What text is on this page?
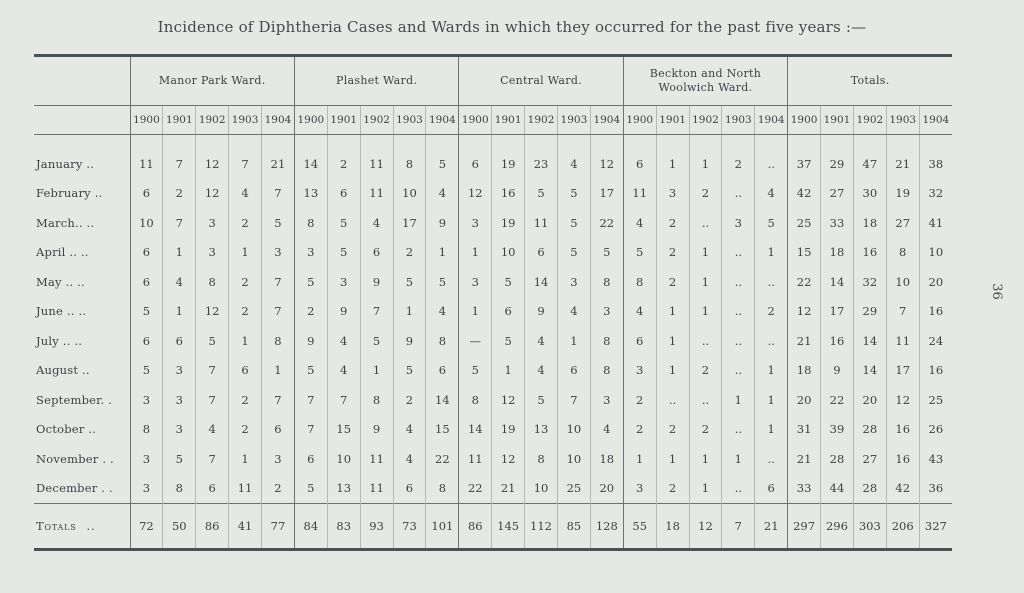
Incidence of Diphtheria Cases and Wards in which they occurred for the past five years :—

	Manor Park Ward.					Plashet Ward.					Central Ward.					Beckton and North
Woolwich Ward.					Totals.				

	1900	1901	1902	1903	1904	1900	1901	1902	1903	1904	1900	1901	1902	1903	1904	1900	1901	1902	1903	1904	1900	1901	1902	1903	1904

January ..	11	7	12	7	21	14	2	11	8	5	6	19	23	4	12	6	1	1	2	..	37	29	47	21	38
February ..	6	2	12	4	7	13	6	11	10	4	12	16	5	5	17	11	3	2	..	4	42	27	30	19	32
March.. ..	10	7	3	2	5	8	5	4	17	9	3	19	11	5	22	4	2	..	3	5	25	33	18	27	41
April .. ..	6	1	3	1	3	3	5	6	2	1	1	10	6	5	5	5	2	1	..	1	15	18	16	8	10
May .. ..	6	4	8	2	7	5	3	9	5	5	3	5	14	3	8	8	2	1	..	..	22	14	32	10	20
June .. ..	5	1	12	2	7	2	9	7	1	4	1	6	9	4	3	4	1	1	..	2	12	17	29	7	16
July .. ..	6	6	5	1	8	9	4	5	9	8	—	5	4	1	8	6	1	..	..	..	21	16	14	11	24
August ..	5	3	7	6	1	5	4	1	5	6	5	1	4	6	8	3	1	2	..	1	18	9	14	17	16
September. .	3	3	7	2	7	7	7	8	2	14	8	12	5	7	3	2	..	..	1	1	20	22	20	12	25
October ..	8	3	4	2	6	7	15	9	4	15	14	19	13	10	4	2	2	2	..	1	31	39	28	16	26
November . .	3	5	7	1	3	6	10	11	4	22	11	12	8	10	18	1	1	1	1	..	21	28	27	16	43
December . .	3	8	6	11	2	5	13	11	6	8	22	21	10	25	20	3	2	1	..	6	33	44	28	42	36
Totals ..	72	50	86	41	77	84	83	93	73	101	86	145	112	85	128	55	18	12	7	21	297	296	303	206	327
36
